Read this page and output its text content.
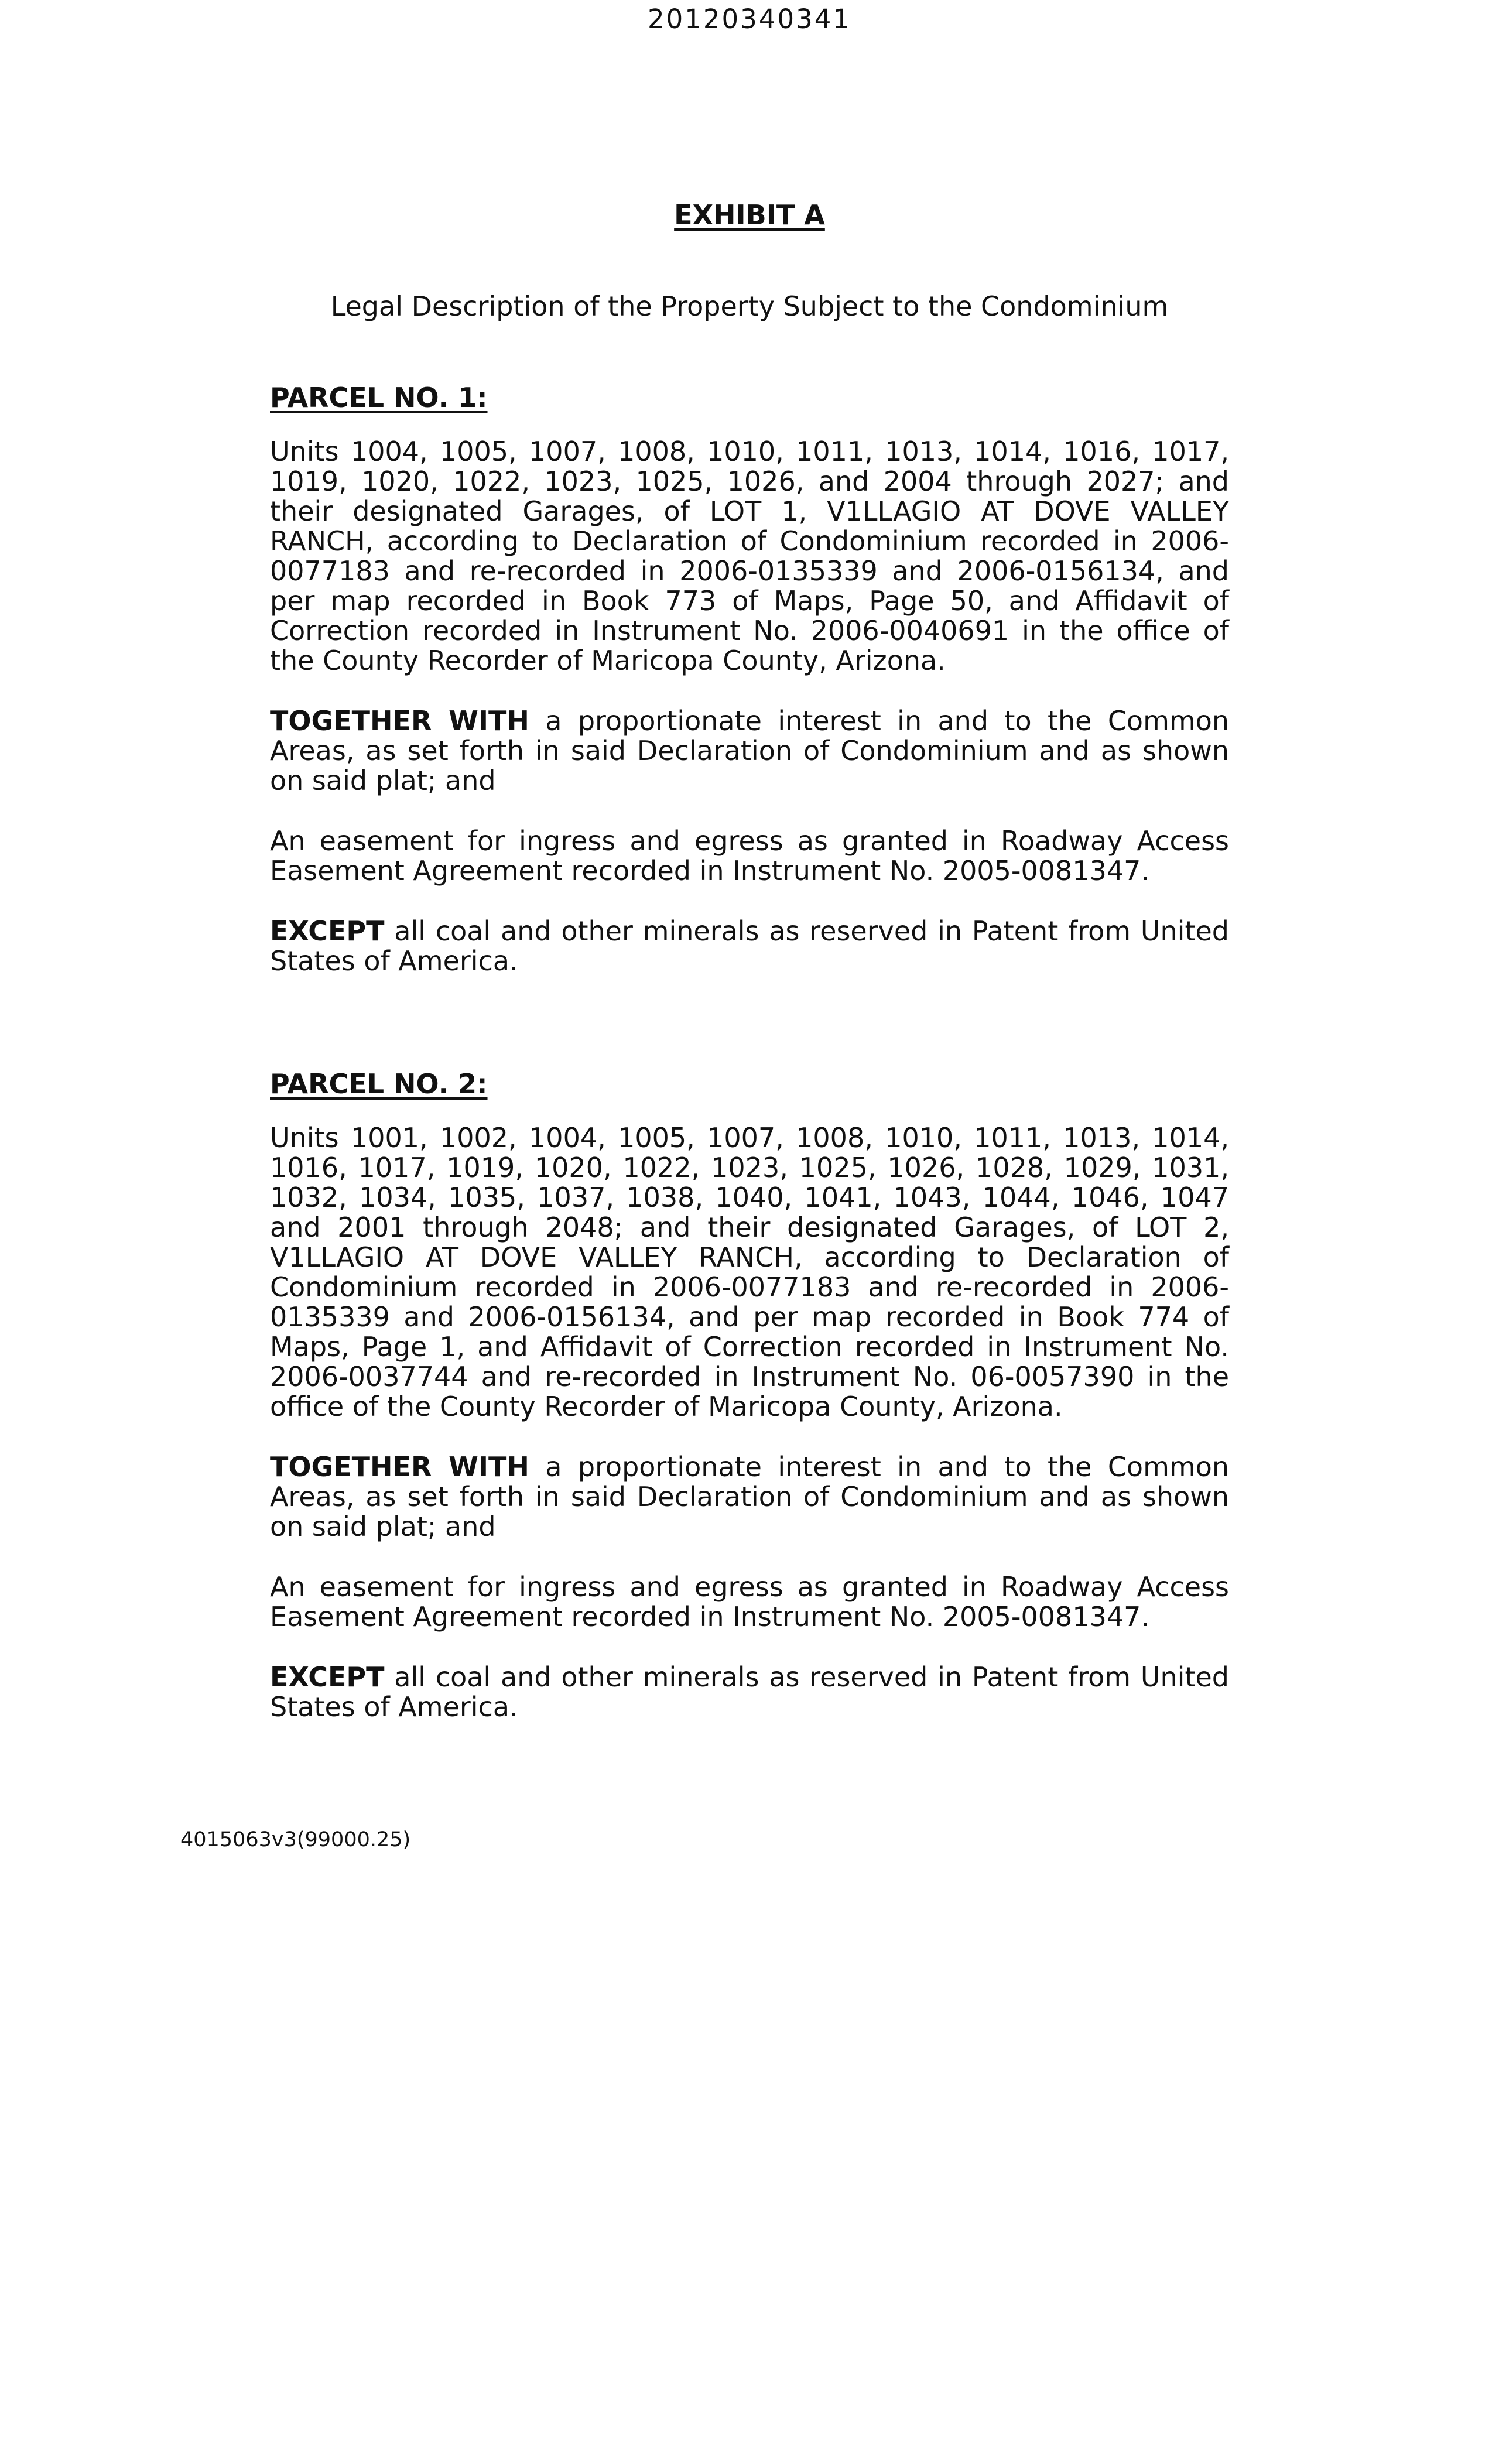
20120340341
EXHIBIT A
Legal Description of the Property Subject to the Condominium
PARCEL NO. 1:

Units 1004, 1005, 1007, 1008, 1010, 1011, 1013, 1014, 1016, 1017, 1019, 1020, 1022, 1023, 1025, 1026, and 2004 through 2027; and their designated Garages, of LOT 1, V1LLAGIO AT DOVE VALLEY RANCH, according to Declaration of Condominium recorded in 2006-0077183 and re-recorded in 2006-0135339 and 2006-0156134, and per map recorded in Book 773 of Maps, Page 50, and Affidavit of Correction recorded in Instrument No. 2006-0040691 in the office of the County Recorder of Maricopa County, Arizona.

TOGETHER WITH a proportionate interest in and to the Common Areas, as set forth in said Declaration of Condominium and as shown on said plat; and

An easement for ingress and egress as granted in Roadway Access Easement Agreement recorded in Instrument No. 2005-0081347.

EXCEPT all coal and other minerals as reserved in Patent from United States of America.

PARCEL NO. 2:

Units 1001, 1002, 1004, 1005, 1007, 1008, 1010, 1011, 1013, 1014, 1016, 1017, 1019, 1020, 1022, 1023, 1025, 1026, 1028, 1029, 1031, 1032, 1034, 1035, 1037, 1038, 1040, 1041, 1043, 1044, 1046, 1047 and 2001 through 2048; and their designated Garages, of LOT 2, V1LLAGIO AT DOVE VALLEY RANCH, according to Declaration of Condominium recorded in 2006-0077183 and re-recorded in 2006-0135339 and 2006-0156134, and per map recorded in Book 774 of Maps, Page 1, and Affidavit of Correction recorded in Instrument No. 2006-0037744 and re-recorded in Instrument No. 06-0057390 in the office of the County Recorder of Maricopa County, Arizona.

TOGETHER WITH a proportionate interest in and to the Common Areas, as set forth in said Declaration of Condominium and as shown on said plat; and

An easement for ingress and egress as granted in Roadway Access Easement Agreement recorded in Instrument No. 2005-0081347.

EXCEPT all coal and other minerals as reserved in Patent from United States of America.

4015063v3(99000.25)
